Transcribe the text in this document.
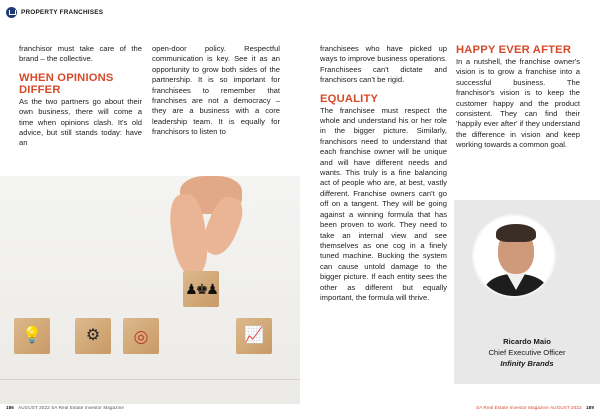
PROPERTY FRANCHISES

franchisor must take care of the brand – the collective.

WHEN OPINIONS DIFFER

As the two partners go about their own business, there will come a time when opinions clash. It's old advice, but still stands today: have an

open-door policy. Respectful communication is key. See it as an opportunity to grow both sides of the partnership. It is so important for franchisees to remember that franchises are not a democracy – they are a business with a core leadership team. It is equally for franchisors to listen to

franchisees who have picked up ways to improve business operations. Franchisees can't dictate and franchisors can't be rigid.

EQUALITY

The franchisee must respect the whole and understand his or her role in the bigger picture. Similarly, franchisors need to understand that each franchise owner will be unique and will have different needs and wants. This truly is a fine balancing act of people who are, at best, vastly different. Franchise owners can't go off on a tangent. They will be going against a winning formula that has been proven to work. They need to take an internal view and see themselves as one cog in a finely tuned machine. Bucking the system can cause untold damage to the bigger picture. If each entity sees the other as different but equally important, the formula will thrive.

HAPPY EVER AFTER

In a nutshell, the franchise owner's vision is to grow a franchise into a successful business. The franchisor's vision is to keep the customer happy and the product consistent. They can find their 'happily ever after' if they understand the difference in vision and keep working towards a common goal.

♟♚♟
💡	⚙ ◎	📈	Ricardo Maio
Chief Executive Officer
Infinity Brands
186 AUGUST 2022 SA Real Estate Investor Magazine	SA Real Estate Investor Magazine AUGUST 2022 189
